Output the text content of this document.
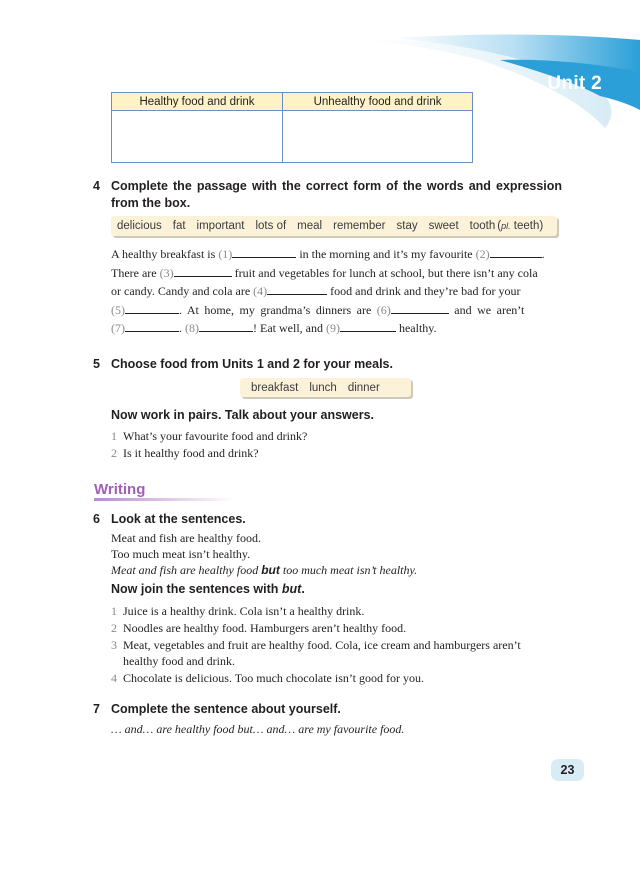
Unit 2
Healthy food and drink	Unhealthy food and drink

4 Complete the passage with the correct form of the words and expression
from the box.
delicious fat important lots of meal remember stay sweet tooth (pl. teeth)
A healthy breakfast is (1)	in the morning and it’s my favourite (2)	.
There are (3)	fruit and vegetables for lunch at school, but there isn’t any cola
or candy. Candy and cola are (4)	food and drink and they’re bad for your
(5)	. At home, my grandma’s dinners are (6)	and we aren’t
(7)	. (8)	! Eat well, and (9)	healthy.
5 Choose food from Units 1 and 2 for your meals.
breakfast lunch dinner
Now work in pairs. Talk about your answers.
1 What’s your favourite food and drink?
2 Is it healthy food and drink?
Writing
6 Look at the sentences.
Meat and fish are healthy food.
Too much meat isn’t healthy.
Meat and fish are healthy food but too much meat isn’t healthy.
Now join the sentences with but.
1 Juice is a healthy drink. Cola isn’t a healthy drink.
2 Noodles are healthy food. Hamburgers aren’t healthy food.
3 Meat, vegetables and fruit are healthy food. Cola, ice cream and hamburgers aren’t
healthy food and drink.
4 Chocolate is delicious. Too much chocolate isn’t good for you.
7 Complete the sentence about yourself.
… and… are healthy food but… and… are my favourite food.
23
